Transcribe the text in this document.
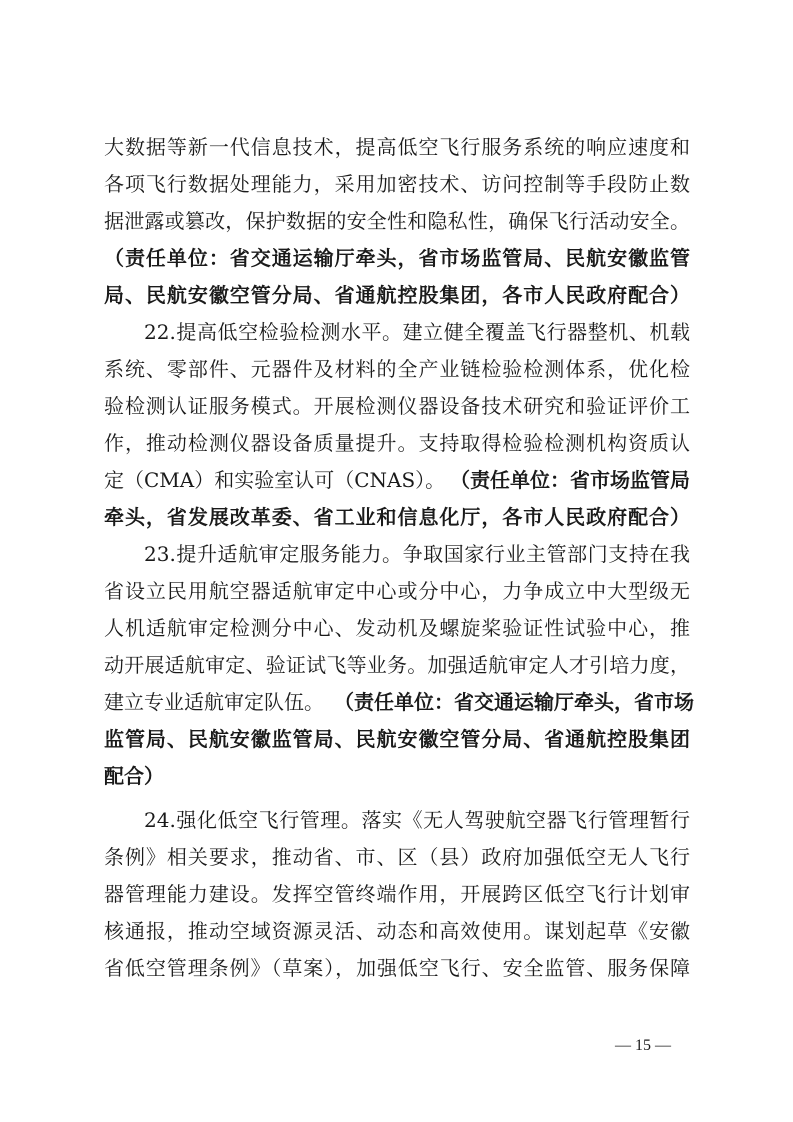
大数据等新一代信息技术，提高低空飞行服务系统的响应速度和
各项飞行数据处理能力，采用加密技术、访问控制等手段防止数
据泄露或篡改，保护数据的安全性和隐私性，确保飞行活动安全。
（责任单位：省交通运输厅牵头，省市场监管局、民航安徽监管
局、民航安徽空管分局、省通航控股集团，各市人民政府配合）
22.提高低空检验检测水平。建立健全覆盖飞行器整机、机载
系统、零部件、元器件及材料的全产业链检验检测体系，优化检
验检测认证服务模式。开展检测仪器设备技术研究和验证评价工
作，推动检测仪器设备质量提升。支持取得检验检测机构资质认
定（CMA）和实验室认可（CNAS）。 （责任单位：省市场监管局
牵头，省发展改革委、省工业和信息化厅，各市人民政府配合）
23.提升适航审定服务能力。争取国家行业主管部门支持在我
省设立民用航空器适航审定中心或分中心，力争成立中大型级无
人机适航审定检测分中心、发动机及螺旋桨验证性试验中心，推
动开展适航审定、验证试飞等业务。加强适航审定人才引培力度，
建立专业适航审定队伍。 （责任单位：省交通运输厅牵头，省市场
监管局、民航安徽监管局、民航安徽空管分局、省通航控股集团
配合）
24.强化低空飞行管理。落实《无人驾驶航空器飞行管理暂行
条例》相关要求，推动省、市、区（县）政府加强低空无人飞行
器管理能力建设。发挥空管终端作用，开展跨区低空飞行计划审
核通报，推动空域资源灵活、动态和高效使用。谋划起草《安徽
省低空管理条例》（草案），加强低空飞行、安全监管、服务保障
— 15 —
